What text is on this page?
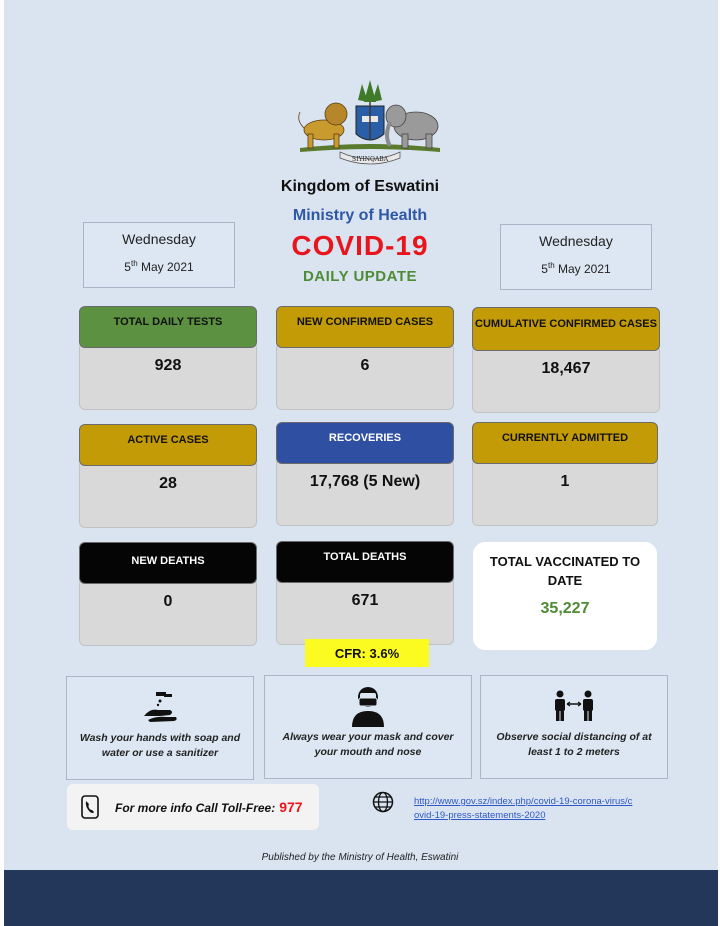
SIYINQABA
Kingdom of Eswatini
Ministry of Health
COVID-19
DAILY UPDATE
Wednesday
5th May 2021
Wednesday
5th May 2021
TOTAL DAILY TESTS
928
NEW CONFIRMED CASES
6
CUMULATIVE CONFIRMED CASES
18,467
ACTIVE CASES
28
RECOVERIES
17,768 (5 New)
CURRENTLY ADMITTED
1
NEW DEATHS
0
TOTAL DEATHS
671
TOTAL VACCINATED TO DATE
35,227
CFR: 3.6%
Wash your hands with soap and water or use a sanitizer
Always wear your mask and cover your mouth and nose
Observe social distancing of at least 1 to 2 meters
For more info Call Toll-Free: 977	http://www.gov.sz/index.php/covid-19-corona-virus/covid-19-press-statements-2020
Published by the Ministry of Health, Eswatini
